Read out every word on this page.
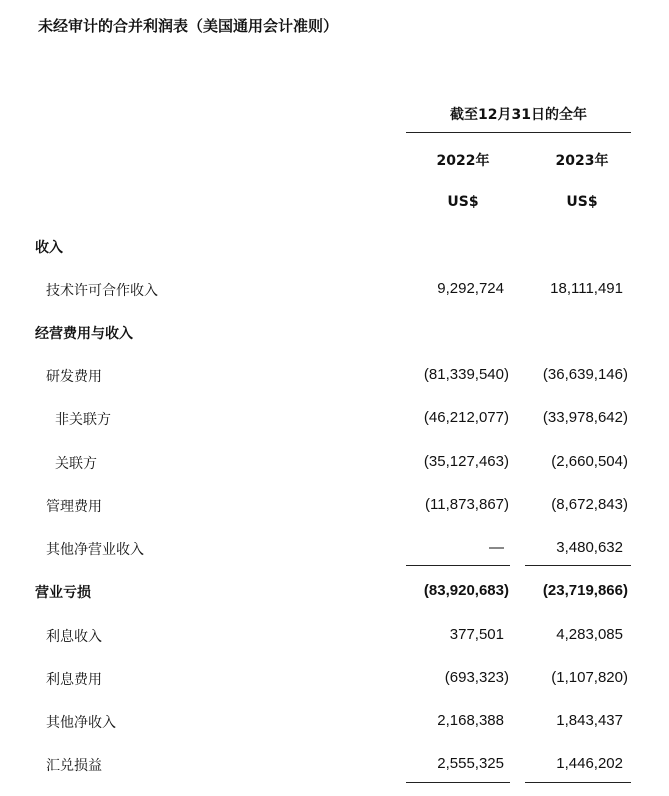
未经审计的合并利润表（美国通用会计准则）
截至12月31日的全年
2022年	2023年
US$	US$
收入
技术许可合作收入	9,292,724	18,111,491
经营费用与收入
研发费用	(81,339,540) (36,639,146)
非关联方	(46,212,077) (33,978,642)
关联方	(35,127,463)	(2,660,504)
管理费用	(11,873,867)	(8,672,843)
其他净营业收入	—	3,480,632
营业亏损	(83,920,683) (23,719,866)
利息收入	377,501	4,283,085
利息费用	(693,323)	(1,107,820)
其他净收入	2,168,388	1,843,437
汇兑损益	2,555,325	1,446,202
